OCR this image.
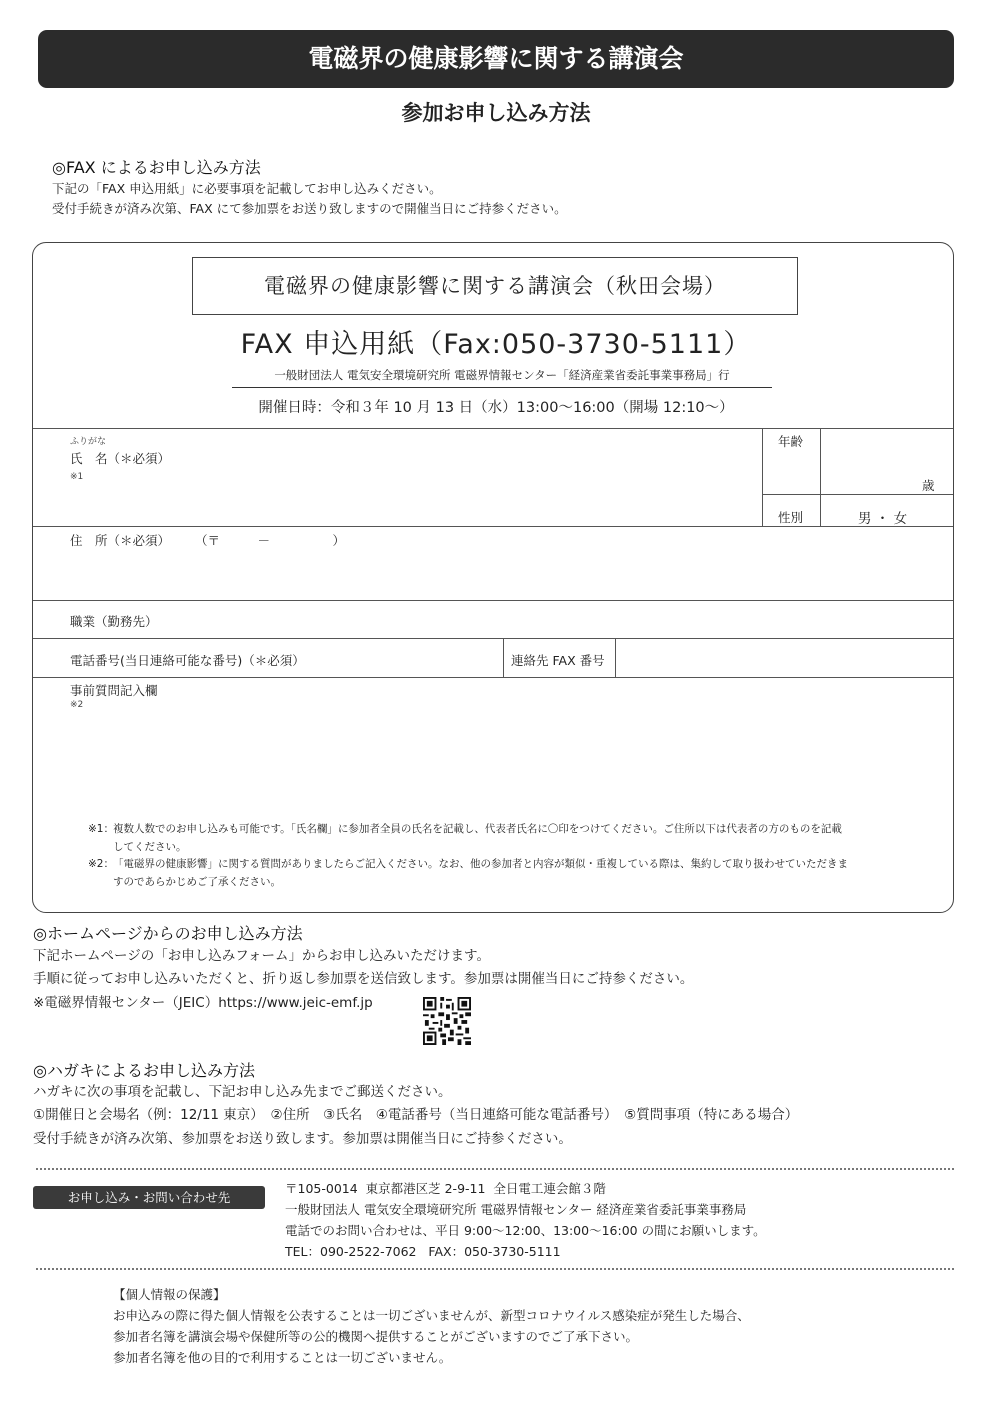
電磁界の健康影響に関する講演会
参加お申し込み方法
◎FAX によるお申し込み方法
下記の「FAX 申込用紙」に必要事項を記載してお申し込みください。
受付手続きが済み次第、FAX にて参加票をお送り致しますので開催当日にご持参ください。
電磁界の健康影響に関する講演会（秋田会場）
FAX 申込用紙（Fax:050-3730-5111）
一般財団法人 電気安全環境研究所 電磁界情報センター「経済産業省委託事業事務局」行
開催日時：令和３年 10 月 13 日（水）13:00〜16:00（開場 12:10〜）
ふりがな
氏　名（＊必須）
※1
年齢
歳
性別	男 ・ 女
住　所（＊必須）　　　（〒　　　－　　　　　）
職業（勤務先）
電話番号(当日連絡可能な番号)（＊必須）	連絡先 FAX 番号
事前質問記入欄
※2
※1： 複数人数でのお申し込みも可能です。「氏名欄」に参加者全員の氏名を記載し、代表者氏名に〇印をつけてください。ご住所以下は代表者の方のものを記載
してください。
※2： 「電磁界の健康影響」に関する質問がありましたらご記入ください。なお、他の参加者と内容が類似・重複している際は、集約して取り扱わせていただきま
すのであらかじめご了承ください。
◎ホームページからのお申し込み方法
下記ホームページの「お申し込みフォーム」からお申し込みいただけます。
手順に従ってお申し込みいただくと、折り返し参加票を送信致します。参加票は開催当日にご持参ください。
※電磁界情報センター（JEIC）https://www.jeic-emf.jp
◎ハガキによるお申し込み方法
ハガキに次の事項を記載し、下記お申し込み先までご郵送ください。
①開催日と会場名（例：12/11 東京）　②住所　③氏名　④電話番号（当日連絡可能な電話番号）　⑤質問事項（特にある場合）
受付手続きが済み次第、参加票をお送り致します。参加票は開催当日にご持参ください。
お申し込み・お問い合わせ先
〒105-0014  東京都港区芝 2-9-11  全日電工連会館３階
一般財団法人 電気安全環境研究所 電磁界情報センター 経済産業省委託事業事務局
電話でのお問い合わせは、平日 9:00〜12:00、13:00〜16:00 の間にお願いします。
TEL：090-2522-7062   FAX：050-3730-5111
【個人情報の保護】
お申込みの際に得た個人情報を公表することは一切ございませんが、新型コロナウイルス感染症が発生した場合、
参加者名簿を講演会場や保健所等の公的機関へ提供することがございますのでご了承下さい。
参加者名簿を他の目的で利用することは一切ございません。
